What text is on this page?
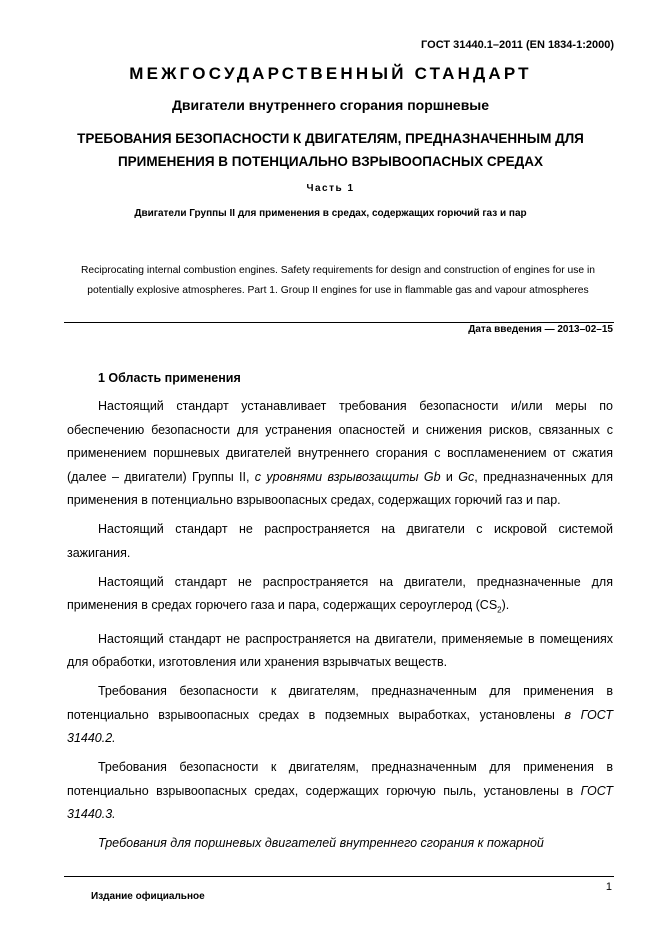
ГОСТ 31440.1–2011 (EN 1834-1:2000)
МЕЖГОСУДАРСТВЕННЫЙ СТАНДАРТ
Двигатели внутреннего сгорания поршневые
ТРЕБОВАНИЯ БЕЗОПАСНОСТИ К ДВИГАТЕЛЯМ, ПРЕДНАЗНАЧЕННЫМ ДЛЯ ПРИМЕНЕНИЯ В ПОТЕНЦИАЛЬНО ВЗРЫВООПАСНЫХ СРЕДАХ
Часть 1
Двигатели Группы II для применения в средах, содержащих горючий газ и пар
Reciprocating internal combustion engines. Safety requirements for design and construction of engines for use in potentially explosive atmospheres. Part 1. Group II engines for use in flammable gas and vapour atmospheres
Дата введения — 2013–02–15
1 Область применения

Настоящий стандарт устанавливает требования безопасности и/или меры по обеспечению безопасности для устранения опасностей и снижения рисков, связанных с применением поршневых двигателей внутреннего сгорания с воспламенением от сжатия (далее – двигатели) Группы II, с уровнями взрывозащиты Gb и Gc, предназначенных для применения в потенциально взрывоопасных средах, содержащих горючий газ и пар.

Настоящий стандарт не распространяется на двигатели с искровой системой зажигания.

Настоящий стандарт не распространяется на двигатели, предназначенные для применения в средах горючего газа и пара, содержащих сероуглерод $(CS_2)$.

Настоящий стандарт не распространяется на двигатели, применяемые в помещениях для обработки, изготовления или хранения взрывчатых веществ.

Требования безопасности к двигателям, предназначенным для применения в потенциально взрывоопасных средах в подземных выработках, установлены в ГОСТ 31440.2.

Требования безопасности к двигателям, предназначенным для применения в потенциально взрывоопасных средах, содержащих горючую пыль, установлены в ГОСТ 31440.3.

Требования для поршневых двигателей внутреннего сгорания к пожарной

1
Издание официальное
